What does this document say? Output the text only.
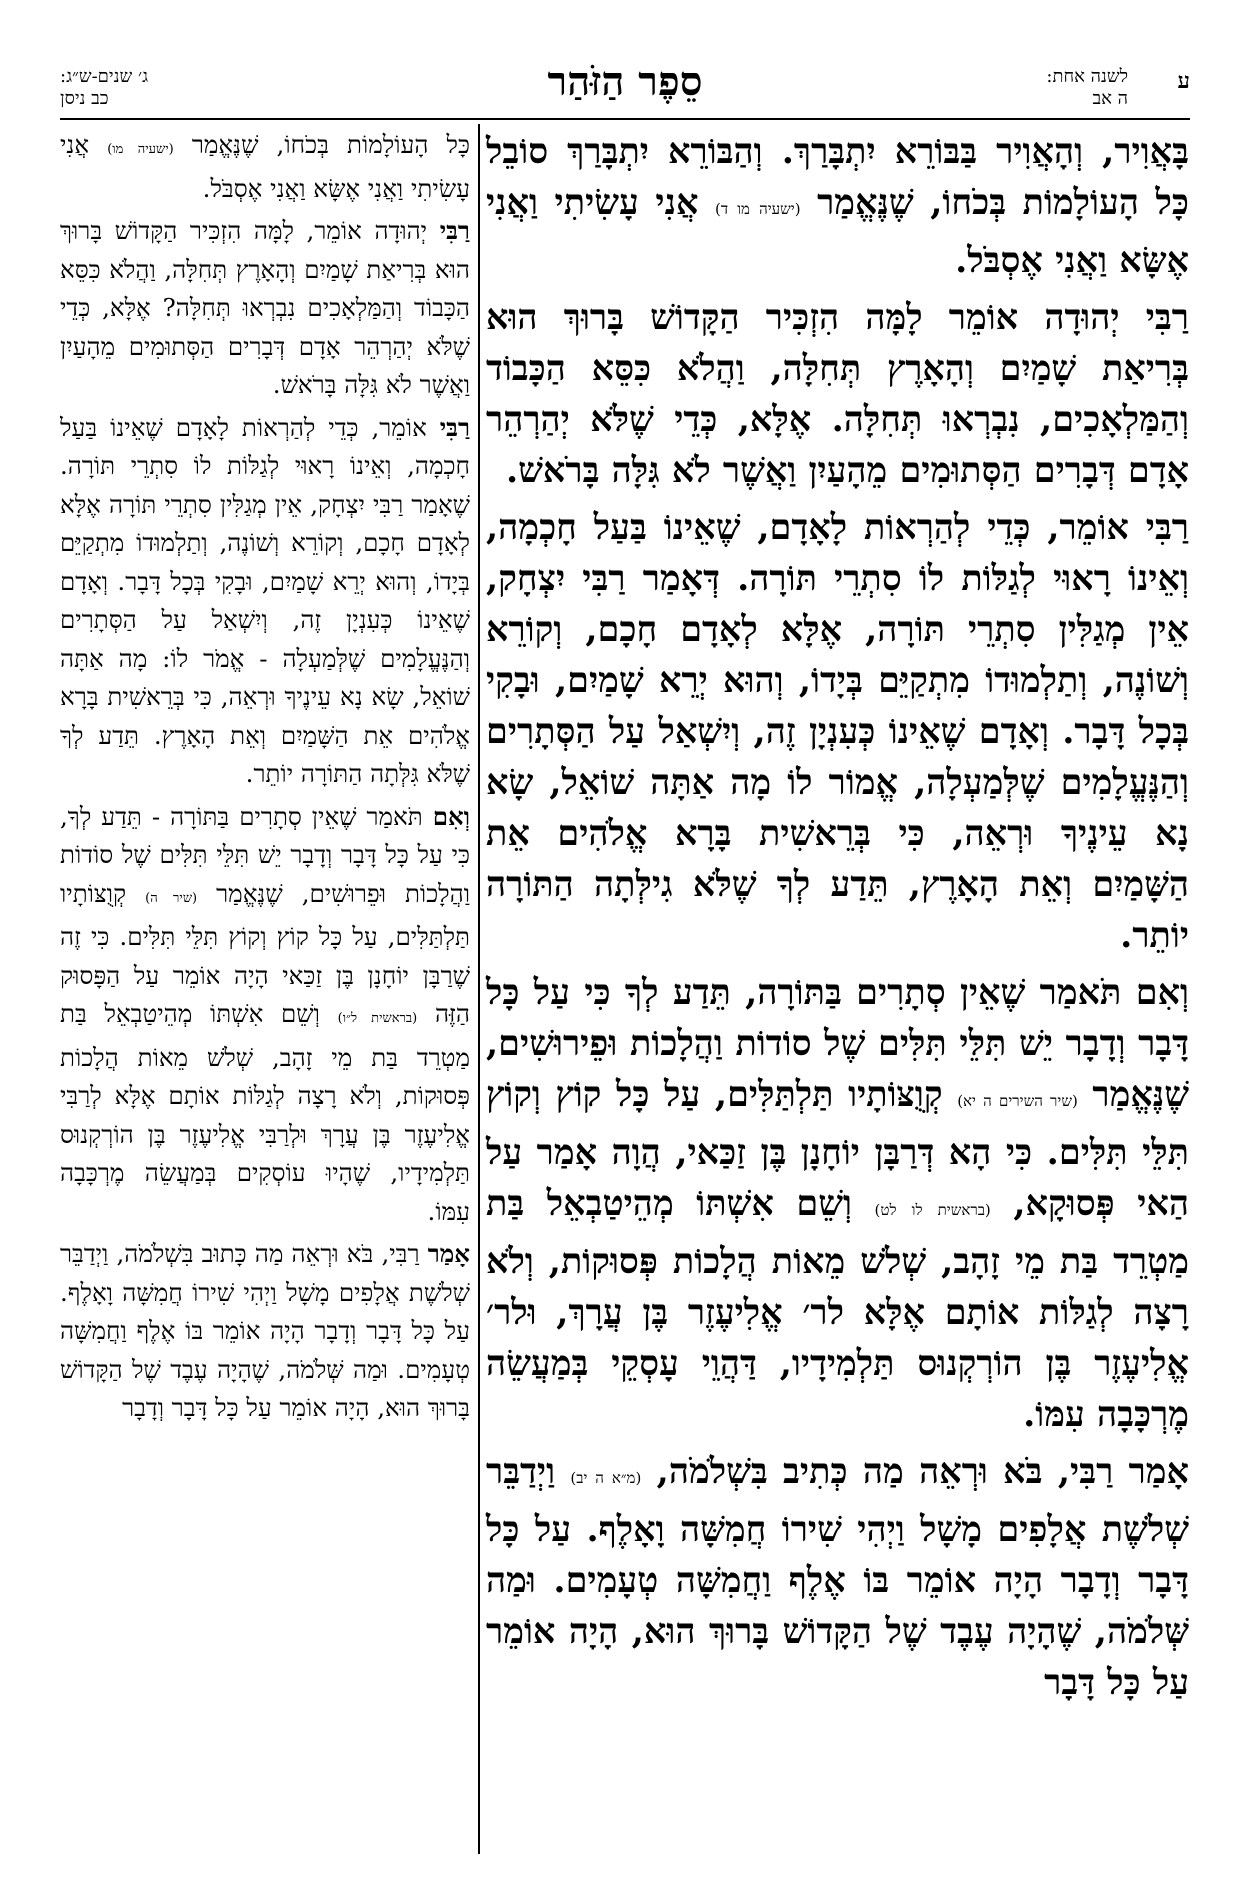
ע
לשנה אחת:
ה אב
סֵפֶר הַזֹּהַר
ג׳ שנים-ש״ג:
כב ניסן

בָּאֲוִיר, וְהָאֲוִיר בַּבּוֹרֵא יִתְבָּרַךְ. וְהַבּוֹרֵא יִתְבָּרַךְ סוֹבֵל כָּל הָעוֹלָמוֹת בְּכֹחוֹ, שֶׁנֶּאֱמַר (ישעיה מו ד) אֲנִי עָשִׂיתִי וַאֲנִי אֶשָּׂא וַאֲנִי אֶסְבֹּל.

רַבִּי יְהוּדָה אוֹמֵר לָמָּה הִזְכִּיר הַקָּדוֹשׁ בָּרוּךְ הוּא בְּרִיאַת שָׁמַיִם וְהָאָרֶץ תְּחִלָּה, וַהֲלֹא כִּסֵּא הַכָּבוֹד וְהַמַּלְאָכִים, נִבְרְאוּ תְּחִלָּה. אֶלָּא, כְּדֵי שֶׁלֹּא יְהַרְהֵר אָדָם דְּבָרִים הַסְּתוּמִים מֵהָעַיִן וַאֲשֶׁר לֹא גִּלָּה בָּרֹאשׁ.

רַבִּי אוֹמֵר, כְּדֵי לְהַרְאוֹת לָאָדָם, שֶׁאֵינוֹ בַּעַל חָכְמָה, וְאֵינוֹ רָאוּי לְגַלּוֹת לוֹ סִתְרֵי תּוֹרָה. דְּאָמַר רַבִּי יִצְחָק, אֵין מְגַלִּין סִתְרֵי תּוֹרָה, אֶלָּא לְאָדָם חָכָם, וְקוֹרֵא וְשׁוֹנֶה, וְתַלְמוּדוֹ מִתְקַיֵּם בְּיָדוֹ, וְהוּא יְרֵא שָׁמַיִם, וּבָקִי בְּכָל דָּבָר. וְאָדָם שֶׁאֵינוֹ כְּעִנְיָן זֶה, וְיִשְׁאַל עַל הַסְּתָרִים וְהַנֶּעֱלָמִים שֶׁלְּמַעְלָה, אֱמוֹר לוֹ מָה אַתָּה שׁוֹאֵל, שָׂא נָא עֵינֶיךָ וּרְאֵה, כִּי בְּרֵאשִׁית בָּרָא אֱלֹהִים אֵת הַשָּׁמַיִם וְאֵת הָאָרֶץ, תֵּדַע לְךָ שֶׁלֹּא גִילְּתָה הַתּוֹרָה יוֹתֵר.

וְאִם תֹּאמַר שֶׁאֵין סְתָרִים בַּתּוֹרָה, תֵּדַע לְךָ כִּי עַל כָּל דָּבָר וְדָבָר יֵשׁ תִּלֵּי תִּלִּים שֶׁל סוֹדוֹת וַהֲלָכוֹת וּפֵירוּשִׁים, שֶׁנֶּאֱמַר (שיר השירים ה יא) קְוֻצּוֹתָיו תַּלְתַּלִּים, עַל כָּל קוֹץ וְקוֹץ תִּלֵּי תִּלִּים. כִּי הָא דְּרַבָּן יוֹחָנָן בֶּן זַכַּאי, הֲוָה אָמַר עַל הַאי פְּסוּקָא, (בראשית לו לט) וְשֵׁם אִשְׁתּוֹ מְהֵיטַבְאֵל בַּת מַטְרֵד בַּת מֵי זָהָב, שְׁלֹשׁ מֵאוֹת הֲלָכוֹת פְּסוּקוֹת, וְלֹא רָצָה לְגַלּוֹת אוֹתָם אֶלָּא לר׳ אֱלִיעֶזֶר בֶּן עֲרָךְ, וּלר׳ אֱלִיעֶזֶר בֶּן הוֹרְקְנוּס תַּלְמִידָיו, דַּהֲוֵי עָסְקֵי בְּמַעֲשֵׂה מֶרְכָּבָה עִמּוֹ.

אָמַר רַבִּי, בֹּא וּרְאֵה מַה כְּתִיב בִּשְׁלֹמֹה, (מ״א ה יב) וַיְדַבֵּר שְׁלֹשֶׁת אֲלָפִים מָשָׁל וַיְהִי שִׁירוֹ חֲמִשָּׁה וָאָלֶף. עַל כָּל דָּבָר וְדָבָר הָיָה אוֹמֵר בּוֹ אֶלֶף וַחֲמִשָּׁה טְעָמִים. וּמַה שְּׁלֹמֹה, שֶׁהָיָה עֶבֶד שֶׁל הַקָּדוֹשׁ בָּרוּךְ הוּא, הָיָה אוֹמֵר עַל כָּל דָּבָר

כָּל הָעוֹלָמוֹת בְּכֹחוֹ, שֶׁנֶּאֱמַר (ישעיה מו) אֲנִי עָשִׂיתִי וַאֲנִי אֶשָּׂא וַאֲנִי אֶסְבֹּל.

רַבִּי יְהוּדָה אוֹמֵר, לָמָּה הִזְכִּיר הַקָּדוֹשׁ בָּרוּךְ הוּא בְּרִיאַת שָׁמַיִם וְהָאָרֶץ תְּחִלָּה, וַהֲלֹא כִּסֵּא הַכָּבוֹד וְהַמַּלְאָכִים נִבְרְאוּ תְּחִלָּה? אֶלָּא, כְּדֵי שֶׁלֹּא יְהַרְהֵר אָדָם דְּבָרִים הַסְּתוּמִים מֵהָעַיִן וַאֲשֶׁר לֹא גִּלָּה בָּרֹאשׁ.

רַבִּי אוֹמֵר, כְּדֵי לְהַרְאוֹת לָאָדָם שֶׁאֵינוֹ בַּעַל חָכְמָה, וְאֵינוֹ רָאוּי לְגַלּוֹת לוֹ סִתְרֵי תּוֹרָה. שֶׁאָמַר רַבִּי יִצְחָק, אֵין מְגַלִּין סִתְרֵי תּוֹרָה אֶלָּא לְאָדָם חָכָם, וְקוֹרֵא וְשׁוֹנֶה, וְתַלְמוּדוֹ מִתְקַיֵּם בְּיָדוֹ, וְהוּא יְרֵא שָׁמַיִם, וּבָקִי בְּכָל דָּבָר. וְאָדָם שֶׁאֵינוֹ כְּעִנְיָן זֶה, וְיִשְׁאַל עַל הַסְּתָרִים וְהַנֶּעֱלָמִים שֶׁלְּמַעְלָה - אֱמֹר לוֹ: מָה אַתָּה שׁוֹאֵל, שָׂא נָא עֵינֶיךָ וּרְאֵה, כִּי בְּרֵאשִׁית בָּרָא אֱלֹהִים אֵת הַשָּׁמַיִם וְאֵת הָאָרֶץ. תֵּדַע לְךָ שֶׁלֹּא גִּלְּתָה הַתּוֹרָה יוֹתֵר.

וְאִם תֹּאמַר שֶׁאֵין סְתָרִים בַּתּוֹרָה - תֵּדַע לְךָ, כִּי עַל כָּל דָּבָר וְדָבָר יֵשׁ תִּלֵּי תִּלִּים שֶׁל סוֹדוֹת וַהֲלָכוֹת וּפֵרוּשִׁים, שֶׁנֶּאֱמַר (שיר ה) קְוֻצּוֹתָיו תַּלְתַּלִּים, עַל כָּל קוֹץ וְקוֹץ תִּלֵּי תִּלִּים. כִּי זֶה שֶׁרַבָּן יוֹחָנָן בֶּן זַכַּאי הָיָה אוֹמֵר עַל הַפָּסוּק הַזֶּה (בראשית ל״ו) וְשֵׁם אִשְׁתּוֹ מְהֵיטַבְאֵל בַּת מַטְרֵד בַּת מֵי זָהָב, שְׁלֹשׁ מֵאוֹת הֲלָכוֹת פְּסוּקוֹת, וְלֹא רָצָה לְגַלּוֹת אוֹתָם אֶלָּא לְרַבִּי אֱלִיעֶזֶר בֶּן עֲרָךְ וּלְרַבִּי אֱלִיעֶזֶר בֶּן הוֹרְקְנוּס תַּלְמִידָיו, שֶׁהָיוּ עוֹסְקִים בְּמַעֲשֵׂה מֶרְכָּבָה עִמּוֹ.

אָמַר רַבִּי, בֹּא וּרְאֵה מַה כָּתוּב בִּשְׁלֹמֹה, וַיְדַבֵּר שְׁלֹשֶׁת אֲלָפִים מָשָׁל וַיְהִי שִׁירוֹ חֲמִשָּׁה וָאָלֶף. עַל כָּל דָּבָר וְדָבָר הָיָה אוֹמֵר בּוֹ אֶלֶף וַחֲמִשָּׁה טְעָמִים. וּמַה שְּׁלֹמֹה, שֶׁהָיָה עֶבֶד שֶׁל הַקָּדוֹשׁ בָּרוּךְ הוּא, הָיָה אוֹמֵר עַל כָּל דָּבָר וְדָבָר
